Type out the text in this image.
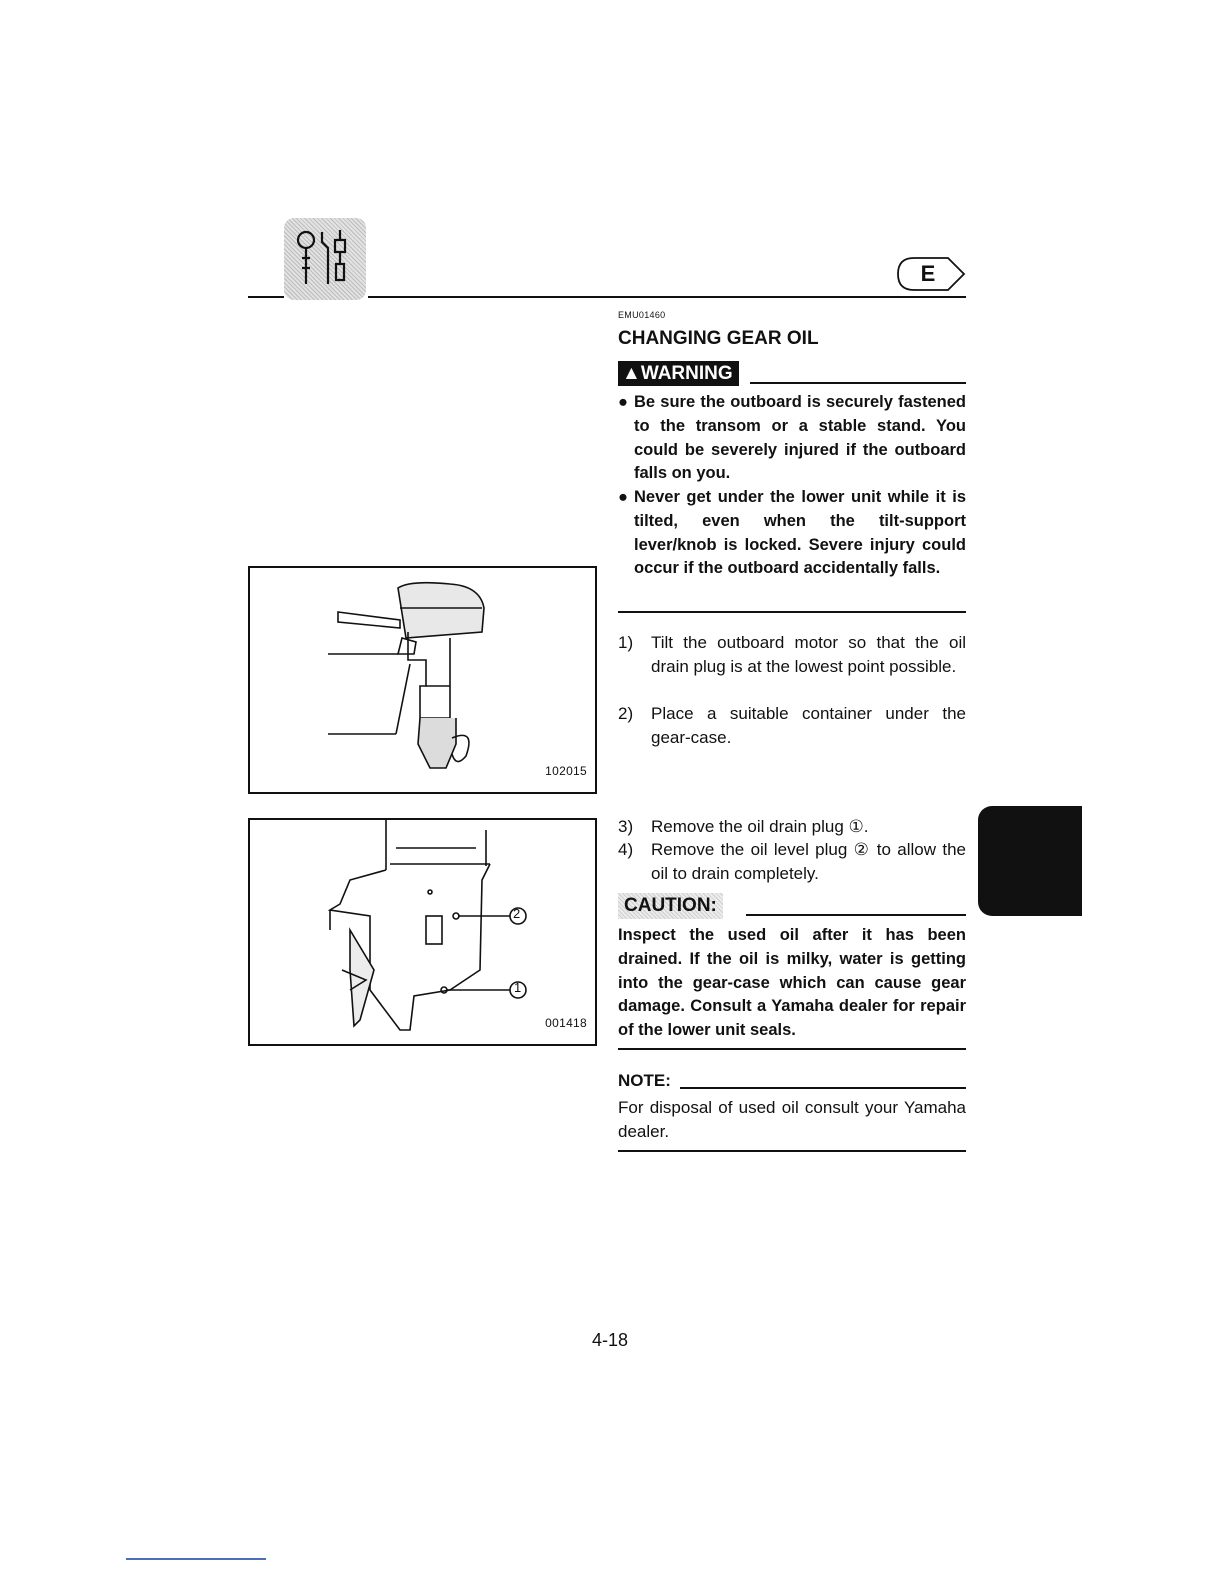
E
102015
2
1
001418
EMU01460
CHANGING GEAR OIL
▲WARNING
● Be sure the outboard is securely fastened to the transom or a stable stand. You could be severely injured if the outboard falls on you.
● Never get under the lower unit while it is tilted, even when the tilt-support lever/knob is locked. Severe injury could occur if the outboard accidentally falls.
1) Tilt the outboard motor so that the oil drain plug is at the lowest point possible.
2) Place a suitable container under the gear-case.
3) Remove the oil drain plug ①.
4) Remove the oil level plug ② to allow the oil to drain completely.
CAUTION:
Inspect the used oil after it has been drained. If the oil is milky, water is getting into the gear-case which can cause gear damage. Consult a Yamaha dealer for repair of the lower unit seals.
NOTE:
For disposal of used oil consult your Yamaha dealer.
4-18
